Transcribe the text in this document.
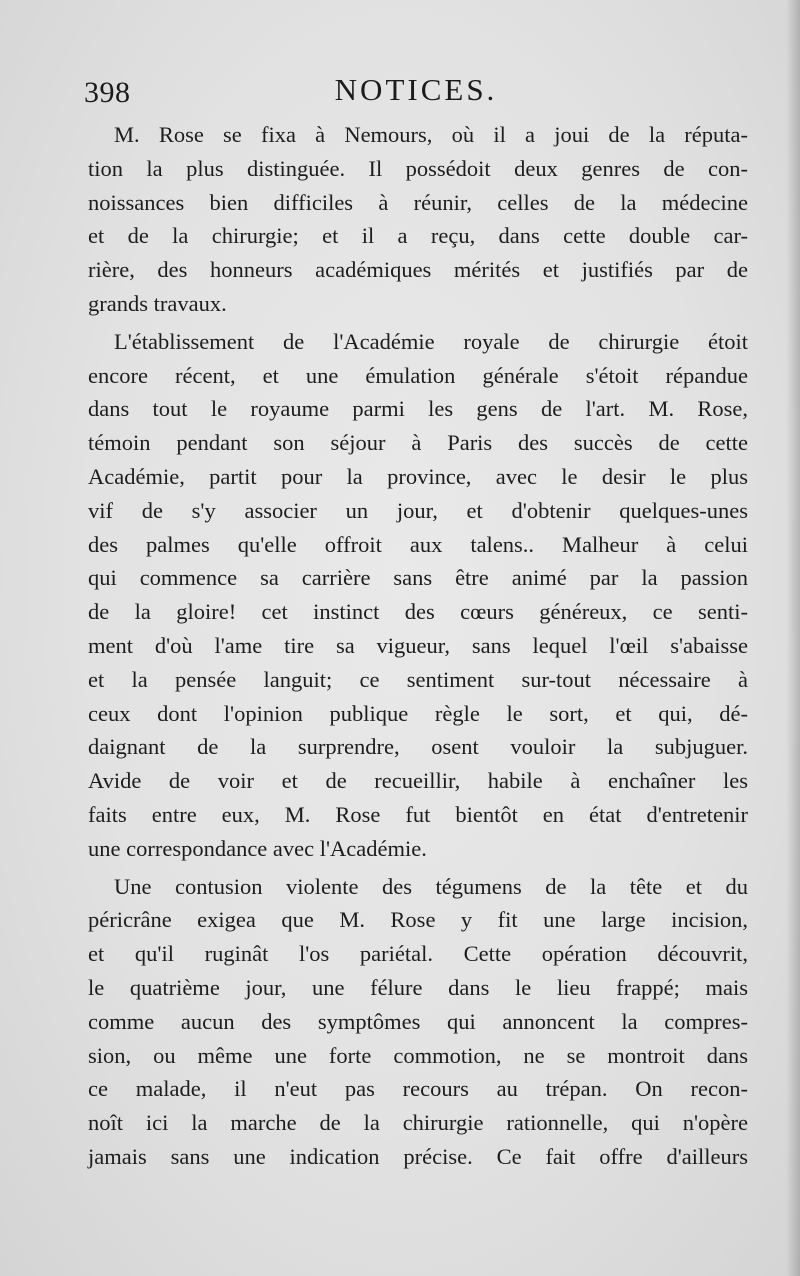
398	NOTICES.
M. Rose se fixa à Nemours, où il a joui de la réputa-
tion la plus distinguée. Il possédoit deux genres de con-
noissances bien difficiles à réunir, celles de la médecine
et de la chirurgie; et il a reçu, dans cette double car-
rière, des honneurs académiques mérités et justifiés par de
grands travaux.
L'établissement de l'Académie royale de chirurgie étoit
encore récent, et une émulation générale s'étoit répandue
dans tout le royaume parmi les gens de l'art. M. Rose,
témoin pendant son séjour à Paris des succès de cette
Académie, partit pour la province, avec le desir le plus
vif de s'y associer un jour, et d'obtenir quelques-unes
des palmes qu'elle offroit aux talens.. Malheur à celui
qui commence sa carrière sans être animé par la passion
de la gloire! cet instinct des cœurs généreux, ce senti-
ment d'où l'ame tire sa vigueur, sans lequel l'œil s'abaisse
et la pensée languit; ce sentiment sur-tout nécessaire à
ceux dont l'opinion publique règle le sort, et qui, dé-
daignant de la surprendre, osent vouloir la subjuguer.
Avide de voir et de recueillir, habile à enchaîner les
faits entre eux, M. Rose fut bientôt en état d'entretenir
une correspondance avec l'Académie.
Une contusion violente des tégumens de la tête et du
péricrâne exigea que M. Rose y fit une large incision,
et qu'il ruginât l'os pariétal. Cette opération découvrit,
le quatrième jour, une félure dans le lieu frappé; mais
comme aucun des symptômes qui annoncent la compres-
sion, ou même une forte commotion, ne se montroit dans
ce malade, il n'eut pas recours au trépan. On recon-
noît ici la marche de la chirurgie rationnelle, qui n'opère
jamais sans une indication précise. Ce fait offre d'ailleurs
